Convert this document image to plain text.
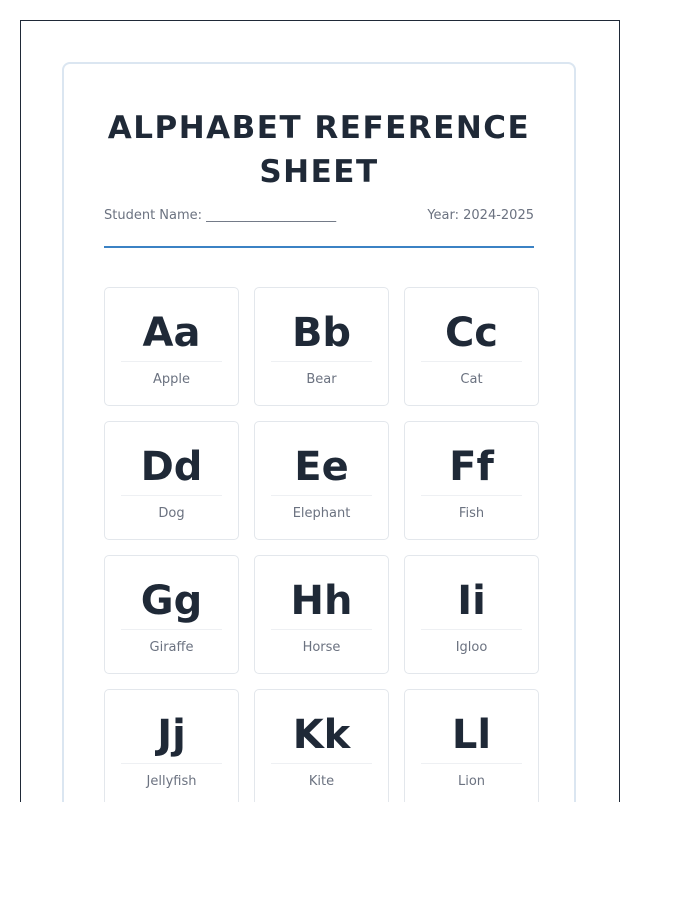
ALPHABET REFERENCE SHEET
Student Name: ____________________	Year: 2024-2025
Aa
Apple
Bb
Bear
Cc
Cat
Dd
Dog
Ee
Elephant
Ff
Fish
Gg
Giraffe
Hh
Horse
Ii
Igloo
Jj
Jellyfish
Kk
Kite
Ll
Lion
